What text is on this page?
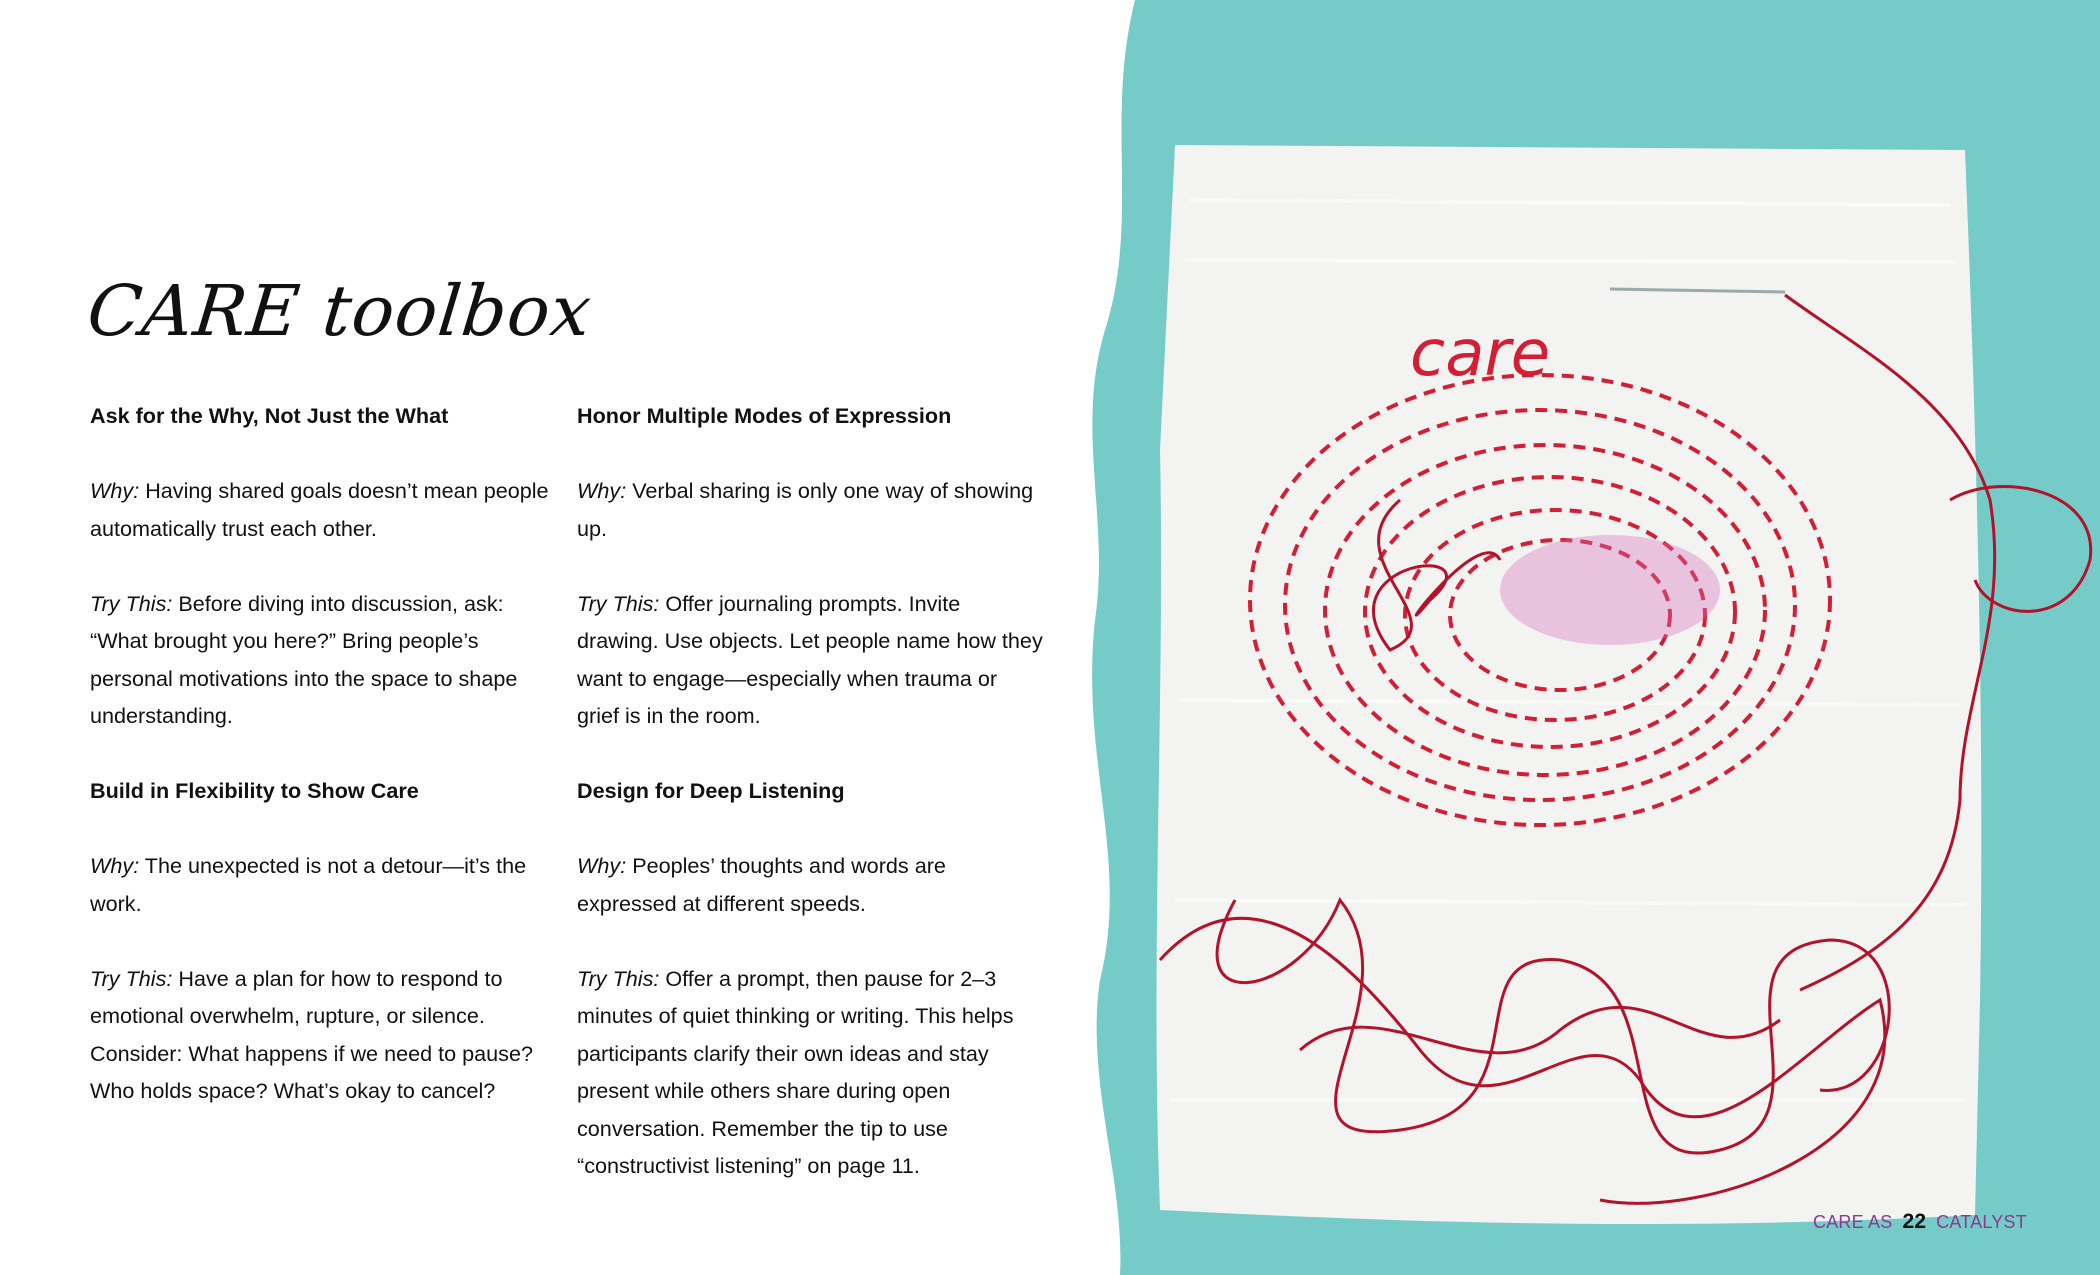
care
CARE toolbox
Ask for the Why, Not Just the What

Why: Having shared goals doesn’t mean people automatically trust each other.

Try This: Before diving into discussion, ask: “What brought you here?” Bring people’s personal motivations into the space to shape understanding.

Build in Flexibility to Show Care

Why: The unexpected is not a detour—it’s the work.

Try This: Have a plan for how to respond to emotional overwhelm, rupture, or silence. Consider: What happens if we need to pause? Who holds space? What’s okay to cancel?

Honor Multiple Modes of Expression

Why: Verbal sharing is only one way of showing up.

Try This: Offer journaling prompts. Invite drawing. Use objects. Let people name how they want to engage—especially when trauma or grief is in the room.

Design for Deep Listening

Why: Peoples’ thoughts and words are expressed at different speeds.

Try This: Offer a prompt, then pause for 2–3 minutes of quiet thinking or writing. This helps participants clarify their own ideas and stay present while others share during open conversation. Remember the tip to use “constructivist listening” on page 11.

CARE AS 22 CATALYST
